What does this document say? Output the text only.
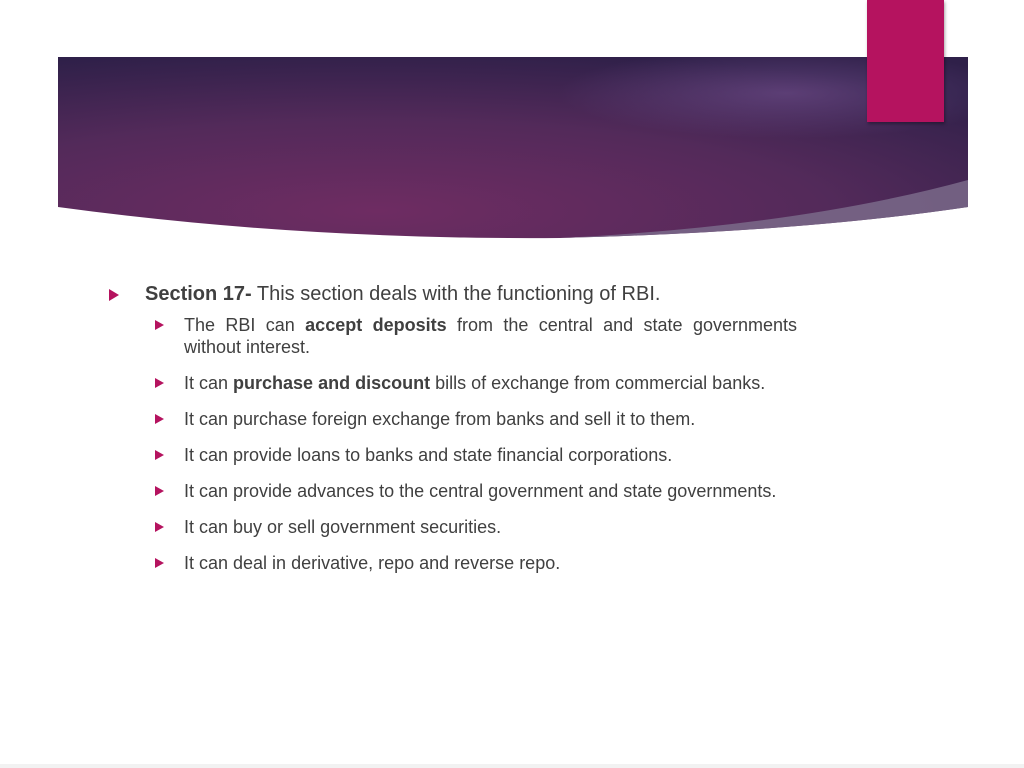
Section 17- This section deals with the functioning of RBI.
The RBI can accept deposits from the central and state governments without interest.
It can purchase and discount bills of exchange from commercial banks.
It can purchase foreign exchange from banks and sell it to them.
It can provide loans to banks and state financial corporations.
It can provide advances to the central government and state governments.
It can buy or sell government securities.
It can deal in derivative, repo and reverse repo.
